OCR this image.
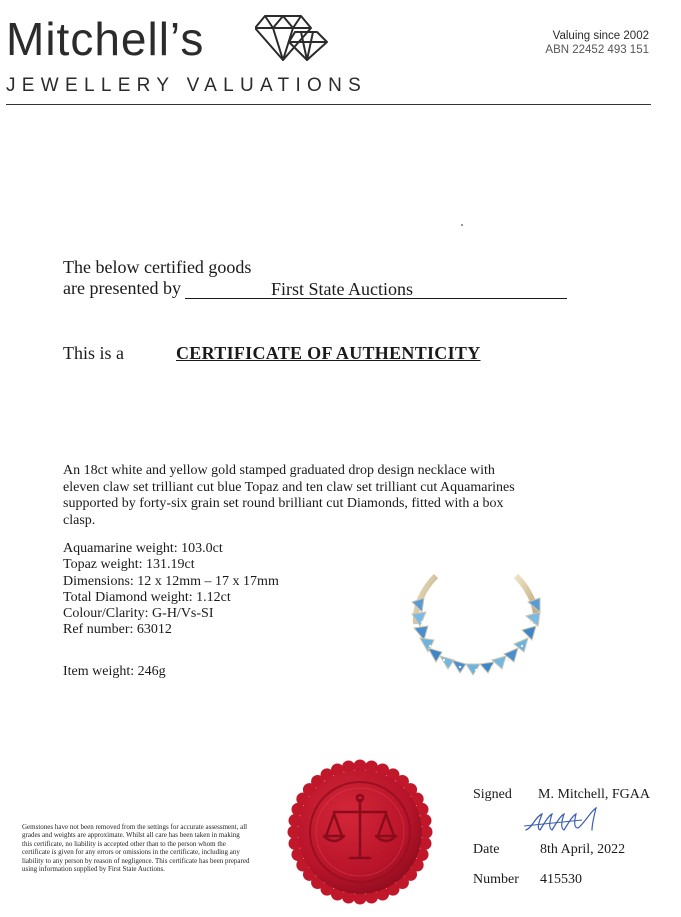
Mitchell’s
JEWELLERY VALUATIONS
Valuing since 2002
ABN 22452 493 151
The below certified goods
are presented by	First State Auctions
This is a	CERTIFICATE OF AUTHENTICITY
An 18ct white and yellow gold stamped graduated drop design necklace with eleven claw set trilliant cut blue Topaz and ten claw set trilliant cut Aquamarines supported by forty-six grain set round brilliant cut Diamonds, fitted with a box clasp.
Aquamarine weight: 103.0ct
Topaz weight: 131.19ct
Dimensions: 12 x 12mm – 17 x 17mm
Total Diamond weight: 1.12ct
Colour/Clarity: G-H/Vs-SI
Ref number: 63012
Item weight: 246g
Gemstones have not been removed from the settings for accurate assessment, all grades and weights are approximate. Whilst all care has been taken in making this certificate, no liability is accepted other than to the person whom the certificate is given for any errors or omissions in the certificate, including any liability to any person by reason of negligence. This certificate has been prepared using information supplied by First State Auctions.
Signed M. Mitchell, FGAA
Date	8th April, 2022
Number 415530
